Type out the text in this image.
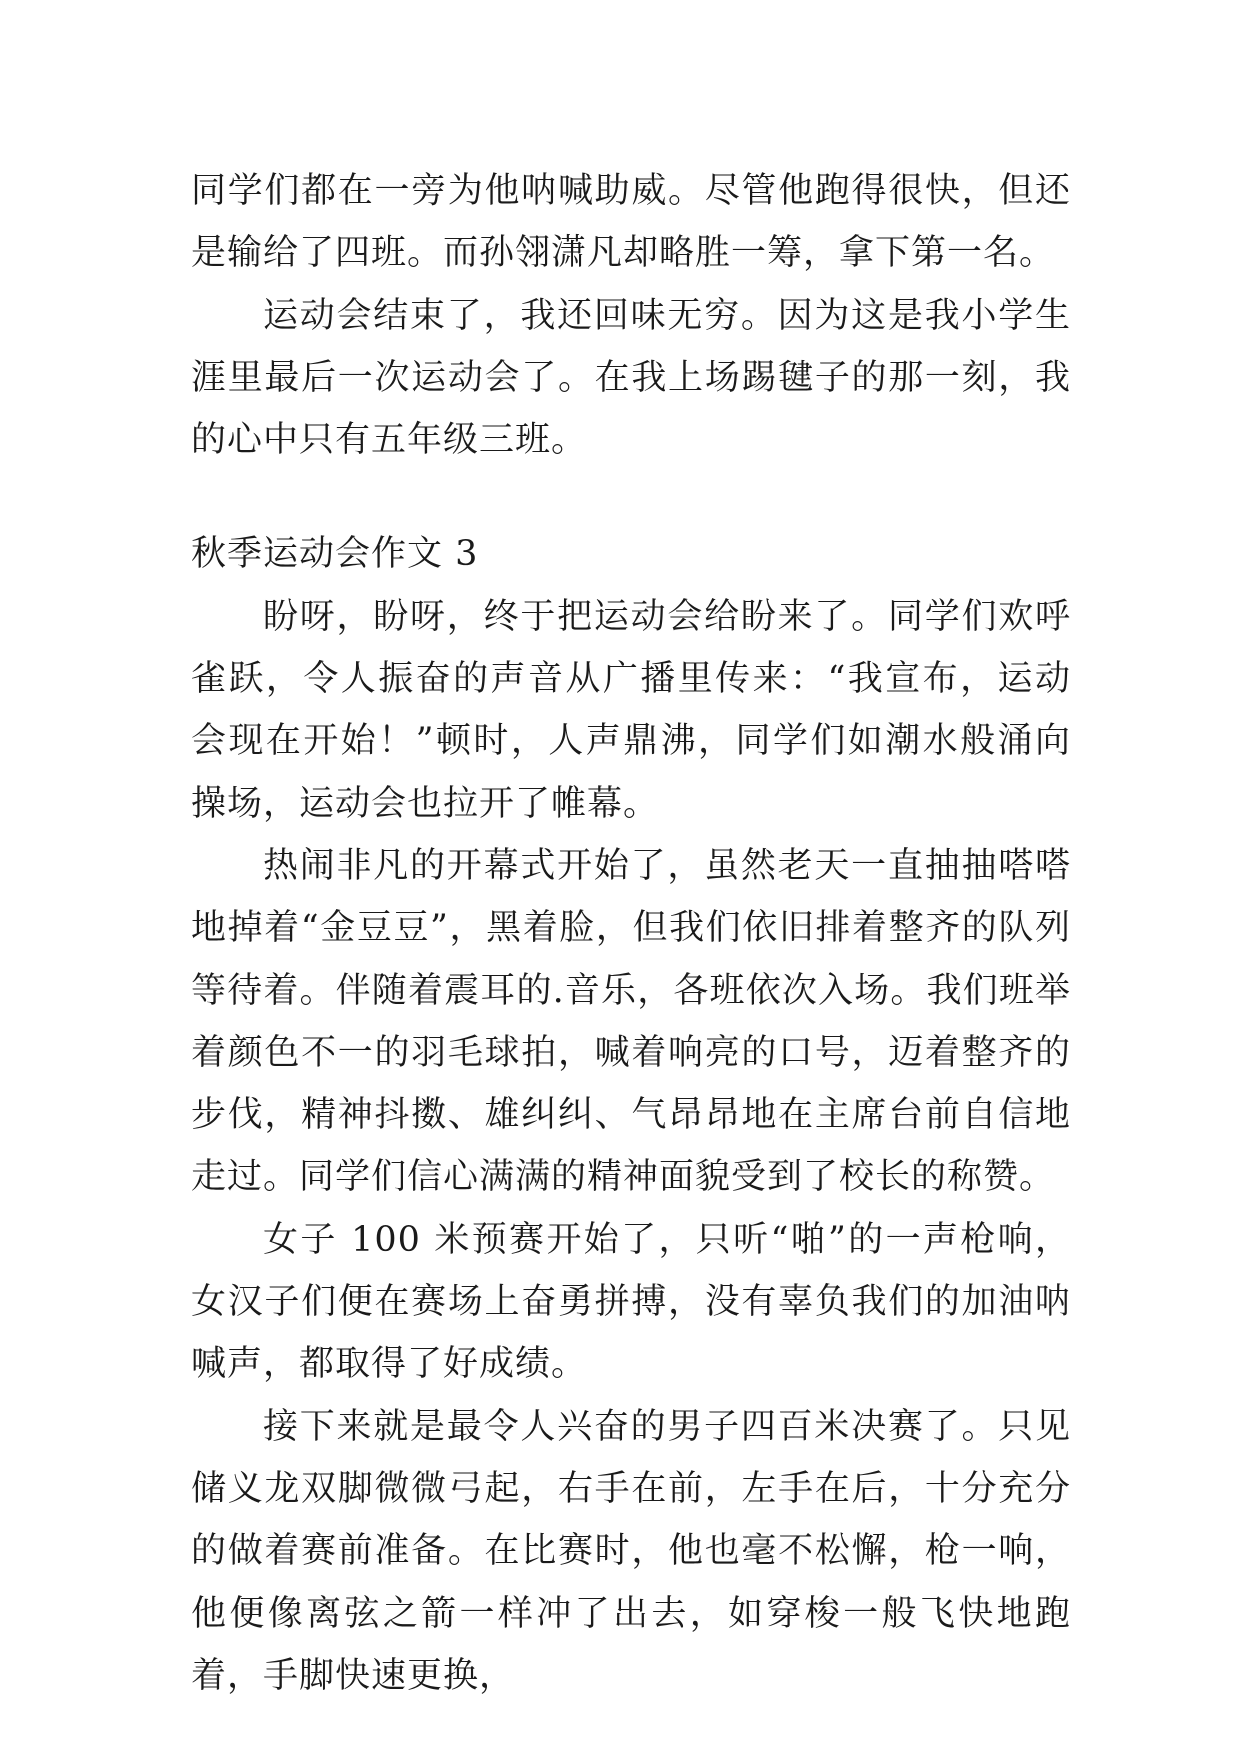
同学们都在一旁为他呐喊助威。尽管他跑得很快，但还是输给了四班。而孙翎潇凡却略胜一筹，拿下第一名。

运动会结束了，我还回味无穷。因为这是我小学生涯里最后一次运动会了。在我上场踢毽子的那一刻，我的心中只有五年级三班。

秋季运动会作文 3

盼呀，盼呀，终于把运动会给盼来了。同学们欢呼雀跃，令人振奋的声音从广播里传来：“我宣布，运动会现在开始！”顿时，人声鼎沸，同学们如潮水般涌向操场，运动会也拉开了帷幕。

热闹非凡的开幕式开始了，虽然老天一直抽抽嗒嗒地掉着“金豆豆”，黑着脸，但我们依旧排着整齐的队列等待着。伴随着震耳的.音乐，各班依次入场。我们班举着颜色不一的羽毛球拍，喊着响亮的口号，迈着整齐的步伐，精神抖擞、雄纠纠、气昂昂地在主席台前自信地走过。同学们信心满满的精神面貌受到了校长的称赞。

女子 100 米预赛开始了，只听“啪”的一声枪响，女汉子们便在赛场上奋勇拼搏，没有辜负我们的加油呐喊声，都取得了好成绩。

接下来就是最令人兴奋的男子四百米决赛了。只见储义龙双脚微微弓起，右手在前，左手在后，十分充分的做着赛前准备。在比赛时，他也毫不松懈，枪一响，他便像离弦之箭一样冲了出去，如穿梭一般飞快地跑着，手脚快速更换，
